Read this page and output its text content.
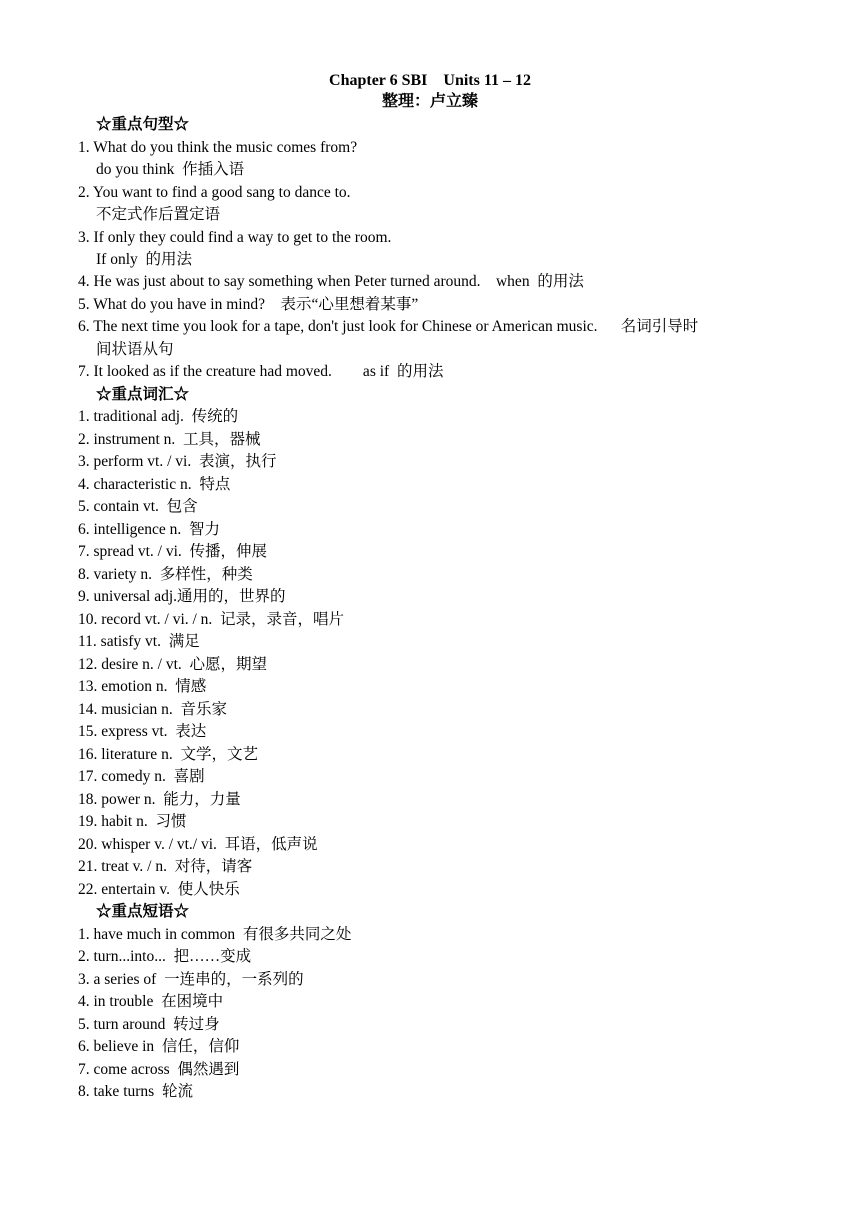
Chapter 6 SBI    Units 11 – 12
整理：卢立臻
☆重点句型☆
1. What do you think the music comes from?
do you think  作插入语
2. You want to find a good sang to dance to.
不定式作后置定语
3. If only they could find a way to get to the room.
If only  的用法
4. He was just about to say something when Peter turned around.    when  的用法
5. What do you have in mind?    表示“心里想着某事”
6. The next time you look for a tape, don't just look for Chinese or American music.      名词引导时
间状语从句
7. It looked as if the creature had moved.        as if  的用法
☆重点词汇☆
1. traditional adj.  传统的
2. instrument n.  工具，器械
3. perform vt. / vi.  表演，执行
4. characteristic n.  特点
5. contain vt.  包含
6. intelligence n.  智力
7. spread vt. / vi.  传播，伸展
8. variety n.  多样性，种类
9. universal adj.通用的，世界的
10. record vt. / vi. / n.  记录，录音，唱片
11. satisfy vt.  满足
12. desire n. / vt.  心愿，期望
13. emotion n.  情感
14. musician n.  音乐家
15. express vt.  表达
16. literature n.  文学，文艺
17. comedy n.  喜剧
18. power n.  能力，力量
19. habit n.  习惯
20. whisper v. / vt./ vi.  耳语，低声说
21. treat v. / n.  对待，请客
22. entertain v.  使人快乐
☆重点短语☆
1. have much in common  有很多共同之处
2. turn...into...  把……变成
3. a series of  一连串的，一系列的
4. in trouble  在困境中
5. turn around  转过身
6. believe in  信任，信仰
7. come across  偶然遇到
8. take turns  轮流
